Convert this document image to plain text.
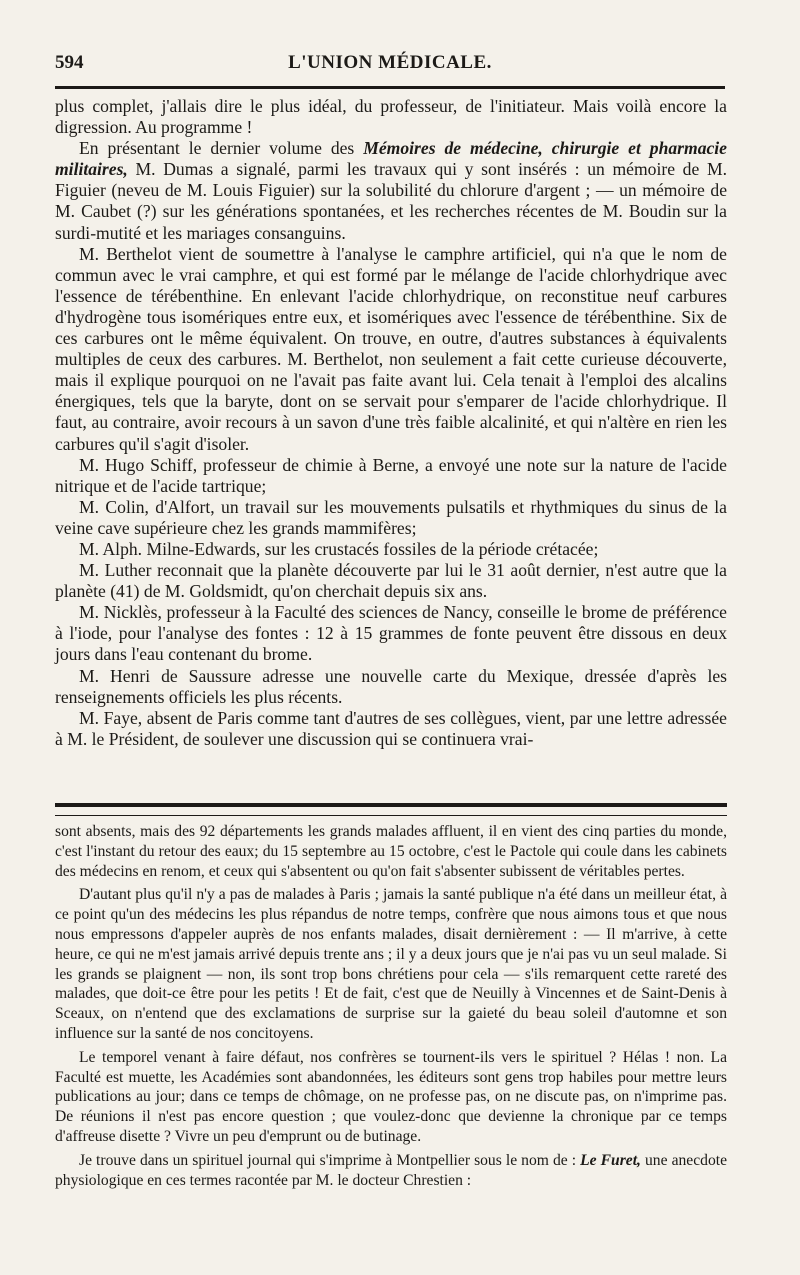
594	L'UNION MÉDICALE.

plus complet, j'allais dire le plus idéal, du professeur, de l'initiateur. Mais voilà encore la digression. Au programme !

En présentant le dernier volume des Mémoires de médecine, chirurgie et pharmacie militaires, M. Dumas a signalé, parmi les travaux qui y sont insérés : un mémoire de M. Figuier (neveu de M. Louis Figuier) sur la solubilité du chlorure d'argent ; — un mémoire de M. Caubet (?) sur les générations spontanées, et les recherches récentes de M. Boudin sur la surdi-mutité et les mariages consanguins.

M. Berthelot vient de soumettre à l'analyse le camphre artificiel, qui n'a que le nom de commun avec le vrai camphre, et qui est formé par le mélange de l'acide chlorhydrique avec l'essence de térébenthine. En enlevant l'acide chlorhydrique, on reconstitue neuf carbures d'hydrogène tous isomériques entre eux, et isomériques avec l'essence de térébenthine. Six de ces carbures ont le même équivalent. On trouve, en outre, d'autres substances à équivalents multiples de ceux des carbures. M. Berthelot, non seulement a fait cette curieuse découverte, mais il explique pourquoi on ne l'avait pas faite avant lui. Cela tenait à l'emploi des alcalins énergiques, tels que la baryte, dont on se servait pour s'emparer de l'acide chlorhydrique. Il faut, au contraire, avoir recours à un savon d'une très faible alcalinité, et qui n'altère en rien les carbures qu'il s'agit d'isoler.

M. Hugo Schiff, professeur de chimie à Berne, a envoyé une note sur la nature de l'acide nitrique et de l'acide tartrique;

M. Colin, d'Alfort, un travail sur les mouvements pulsatils et rhythmiques du sinus de la veine cave supérieure chez les grands mammifères;

M. Alph. Milne-Edwards, sur les crustacés fossiles de la période crétacée;

M. Luther reconnait que la planète découverte par lui le 31 août dernier, n'est autre que la planète (41) de M. Goldsmidt, qu'on cherchait depuis six ans.

M. Nicklès, professeur à la Faculté des sciences de Nancy, conseille le brome de préférence à l'iode, pour l'analyse des fontes : 12 à 15 grammes de fonte peuvent être dissous en deux jours dans l'eau contenant du brome.

M. Henri de Saussure adresse une nouvelle carte du Mexique, dressée d'après les renseignements officiels les plus récents.

M. Faye, absent de Paris comme tant d'autres de ses collègues, vient, par une lettre adressée à M. le Président, de soulever une discussion qui se continuera vrai-

sont absents, mais des 92 départements les grands malades affluent, il en vient des cinq parties du monde, c'est l'instant du retour des eaux; du 15 septembre au 15 octobre, c'est le Pactole qui coule dans les cabinets des médecins en renom, et ceux qui s'absentent ou qu'on fait s'absenter subissent de véritables pertes.

D'autant plus qu'il n'y a pas de malades à Paris ; jamais la santé publique n'a été dans un meilleur état, à ce point qu'un des médecins les plus répandus de notre temps, confrère que nous aimons tous et que nous nous empressons d'appeler auprès de nos enfants malades, disait dernièrement : — Il m'arrive, à cette heure, ce qui ne m'est jamais arrivé depuis trente ans ; il y a deux jours que je n'ai pas vu un seul malade. Si les grands se plaignent — non, ils sont trop bons chrétiens pour cela — s'ils remarquent cette rareté des malades, que doit-ce être pour les petits ! Et de fait, c'est que de Neuilly à Vincennes et de Saint-Denis à Sceaux, on n'entend que des exclamations de surprise sur la gaieté du beau soleil d'automne et son influence sur la santé de nos concitoyens.

Le temporel venant à faire défaut, nos confrères se tournent-ils vers le spirituel ? Hélas ! non. La Faculté est muette, les Académies sont abandonnées, les éditeurs sont gens trop habiles pour mettre leurs publications au jour; dans ce temps de chômage, on ne professe pas, on ne discute pas, on n'imprime pas. De réunions il n'est pas encore question ; que voulez-donc que devienne la chronique par ce temps d'affreuse disette ? Vivre un peu d'emprunt ou de butinage.

Je trouve dans un spirituel journal qui s'imprime à Montpellier sous le nom de : Le Furet, une anecdote physiologique en ces termes racontée par M. le docteur Chrestien :
